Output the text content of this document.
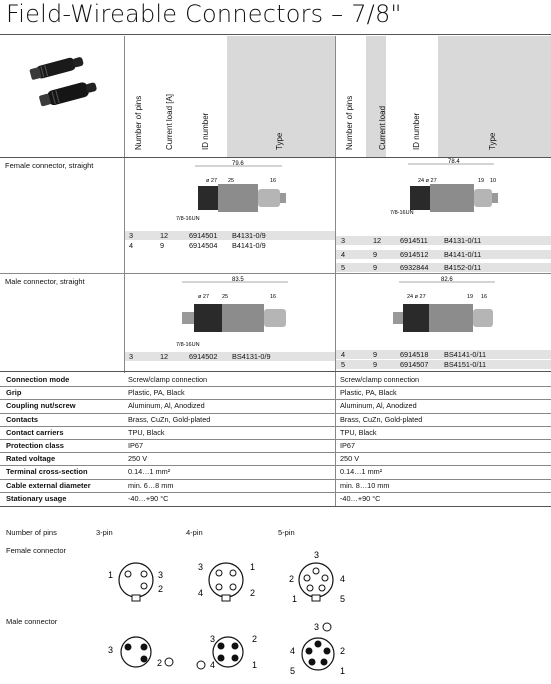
Field-Wireable Connectors – 7/8"
Number of pins	Current load [A]	ID number	Type	Number of pins	Current load	ID number	Type
Female connector, straight	79.6
ø 27 25	16
7/8-16UN
3	12	6914501 B4131-0/9
4	9	6914504 B4141-0/9
78.4
24 ø 27	19 10
7/8-16UN
3	12	6914511 B4131-0/11
4	9	6914512 B4141-0/11
5	9	6932844 B4152-0/11
Male connector, straight	83.5
ø 27 25	16
7/8-16UN
3	12	6914502 BS4131-0/9
82.6
24 ø 27	19 16
4	9	6914518 BS4141-0/11
5	9	6914507 BS4151-0/11
Connection mode	Screw/clamp connection	Screw/clamp connection
Grip	Plastic, PA, Black	Plastic, PA, Black
Coupling nut/screw	Aluminum, Al, Anodized	Aluminum, Al, Anodized
Contacts	Brass, CuZn, Gold-plated	Brass, CuZn, Gold-plated
Contact carriers	TPU, Black	TPU, Black
Protection class	IP67	IP67
Rated voltage	250 V	250 V
Terminal cross-section	0.14…1 mm²	0.14…1 mm²
Cable external diameter	min. 6…8 mm	min. 8…10 mm
Stationary usage	-40…+90 °C	-40…+90 °C
Number of pins	3-pin	4-pin	5-pin
Female connector
Male connector
1	3
2
3	1
4	2
3
2	4
1	5
3
2
3	2
4	1
3
4	2
5	1
